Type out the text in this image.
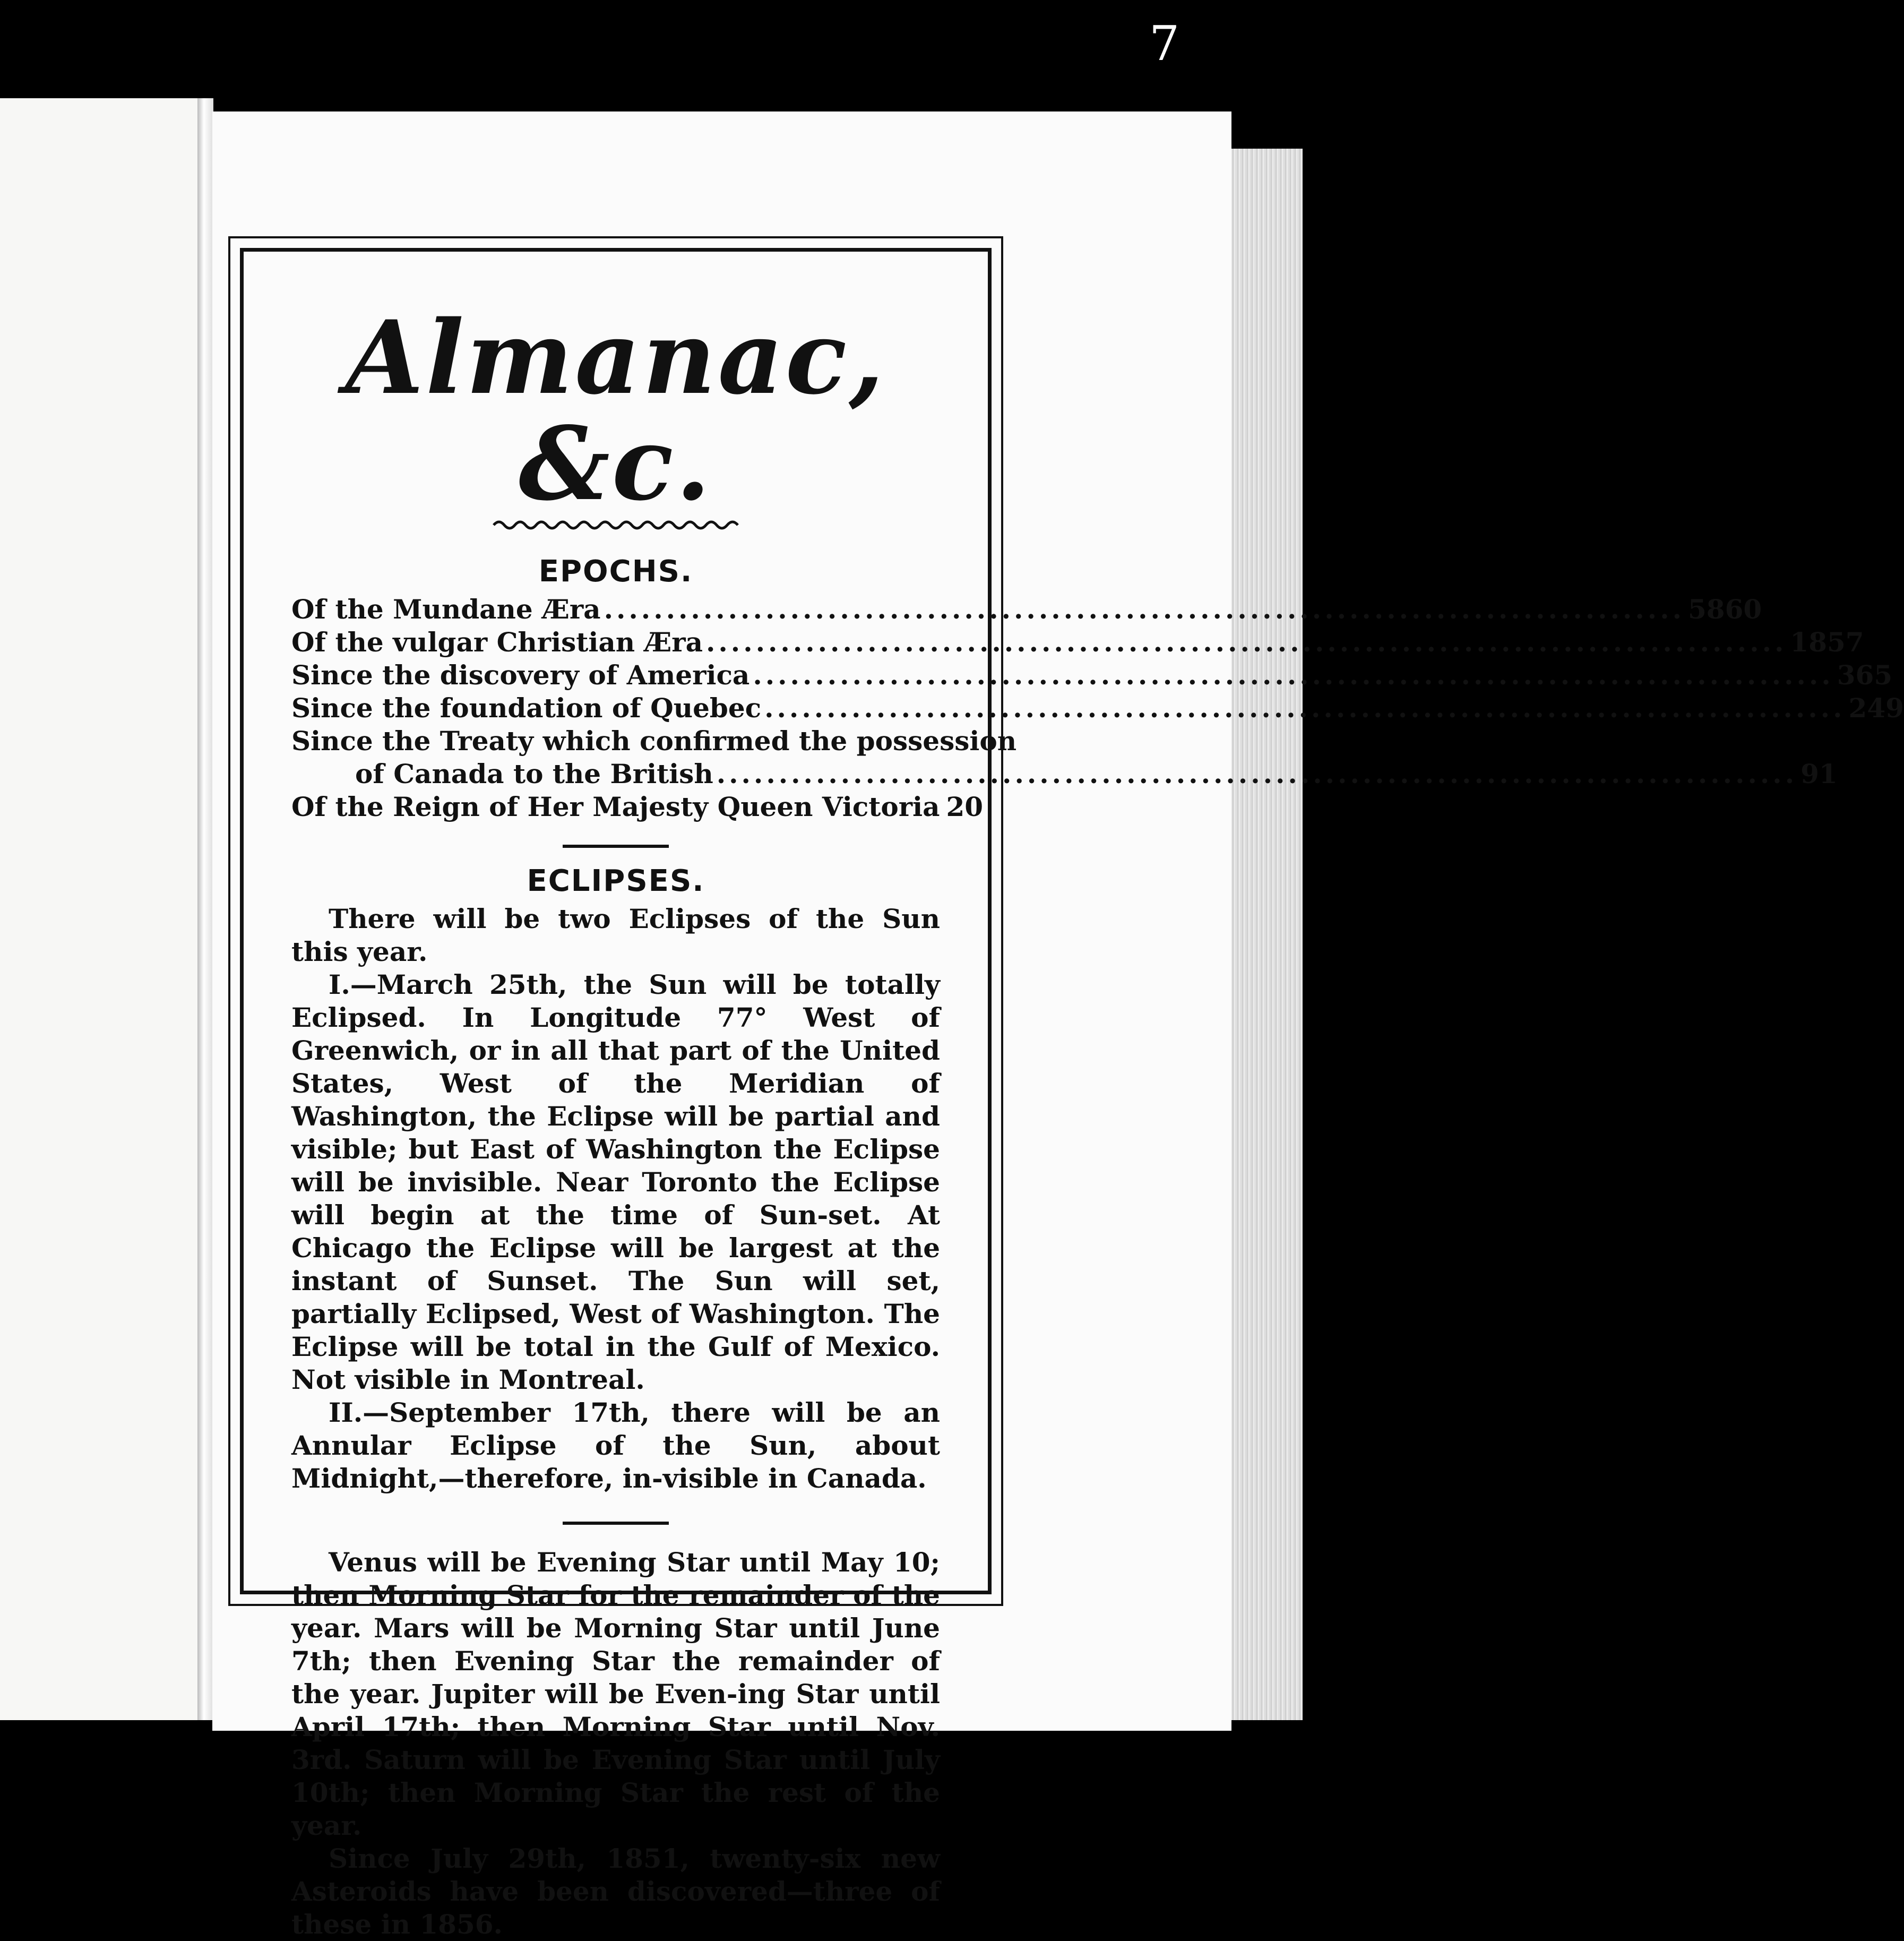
7
Almanac, &c.
EPOCHS.
Of the Mundane Æra ....................................................................................... 5860
Of the vulgar Christian Æra ....................................................................................... 1857
Since the discovery of America ....................................................................................... 365
Since the foundation of Quebec ....................................................................................... 249
Since the Treaty which confirmed the possession
of Canada to the British ....................................................................................... 91
Of the Reign of Her Majesty Queen Victoria 20
ECLIPSES.

There will be two Eclipses of the Sun this year.

I.—March 25th, the Sun will be totally Eclipsed. In Longitude 77° West of Greenwich, or in all that part of the United States, West of the Meridian of Washington, the Eclipse will be partial and visible; but East of Washington the Eclipse will be invisible. Near Toronto the Eclipse will begin at the time of Sun-set. At Chicago the Eclipse will be largest at the instant of Sunset. The Sun will set, partially Eclipsed, West of Washington. The Eclipse will be total in the Gulf of Mexico. Not visible in Montreal.

II.—September 17th, there will be an Annular Eclipse of the Sun, about Midnight,—therefore, in-visible in Canada.

Venus will be Evening Star until May 10; then Morning Star for the remainder of the year. Mars will be Morning Star until June 7th; then Evening Star the remainder of the year. Jupiter will be Even-ing Star until April 17th; then Morning Star until Nov. 3rd. Saturn will be Evening Star until July 10th; then Morning Star the rest of the year.

Since July 29th, 1851, twenty-six new Asteroids have been discovered—three of these in 1856.
